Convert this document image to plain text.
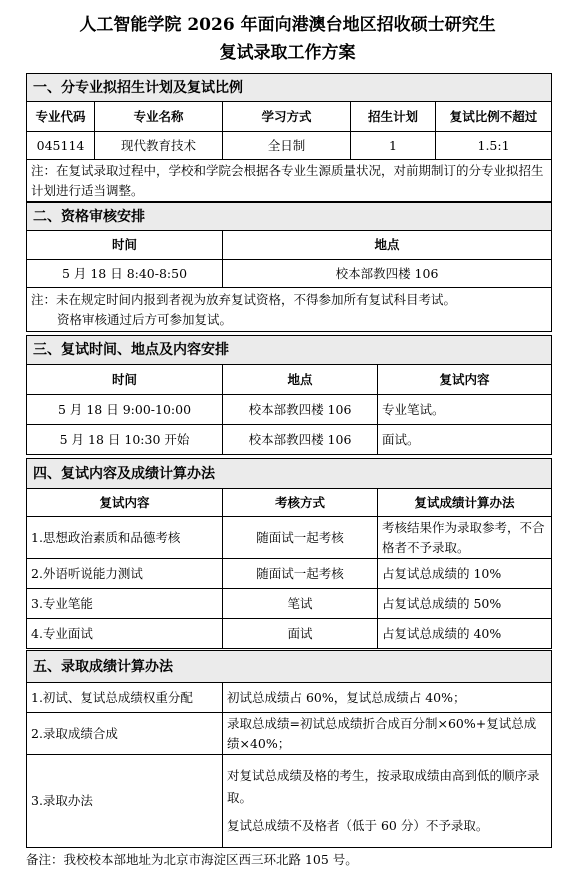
人工智能学院 2026 年面向港澳台地区招收硕士研究生
复试录取工作方案
一、分专业拟招生计划及复试比例				
专业代码	专业名称	学习方式	招生计划	复试比例不超过
045114	现代教育技术	全日制	1	1.5:1
注：在复试录取过程中，学校和学院会根据各专业生源质量状况，对前期制订的分专业拟招生计划进行适当调整。				
二、资格审核安排	
时间	地点
5 月 18 日 8:40-8:50	校本部教四楼 106

注：未在规定时间内报到者视为放弃复试资格，不得参加所有复试科目考试。
资格审核通过后方可参加复试。	
三、复试时间、地点及内容安排		
时间	地点	复试内容
5 月 18 日 9:00-10:00	校本部教四楼 106	专业笔试。
5 月 18 日 10:30 开始	校本部教四楼 106	面试。
四、复试内容及成绩计算办法		
复试内容	考核方式	复试成绩计算办法
1.思想政治素质和品德考核	随面试一起考核	考核结果作为录取参考，不合格者不予录取。
2.外语听说能力测试	随面试一起考核	占复试总成绩的 10%
3.专业笔能	笔试	占复试总成绩的 50%
4.专业面试	面试	占复试总成绩的 40%
五、录取成绩计算办法	
1.初试、复试总成绩权重分配	初试总成绩占 60%，复试总成绩占 40%；
2.录取成绩合成	录取总成绩=初试总成绩折合成百分制×60%+复试总成绩×40%；
3.录取办法	对复试总成绩及格的考生，按录取成绩由高到低的顺序录取。
复试总成绩不及格者（低于 60 分）不予录取。
备注：我校校本部地址为北京市海淀区西三环北路 105 号。
